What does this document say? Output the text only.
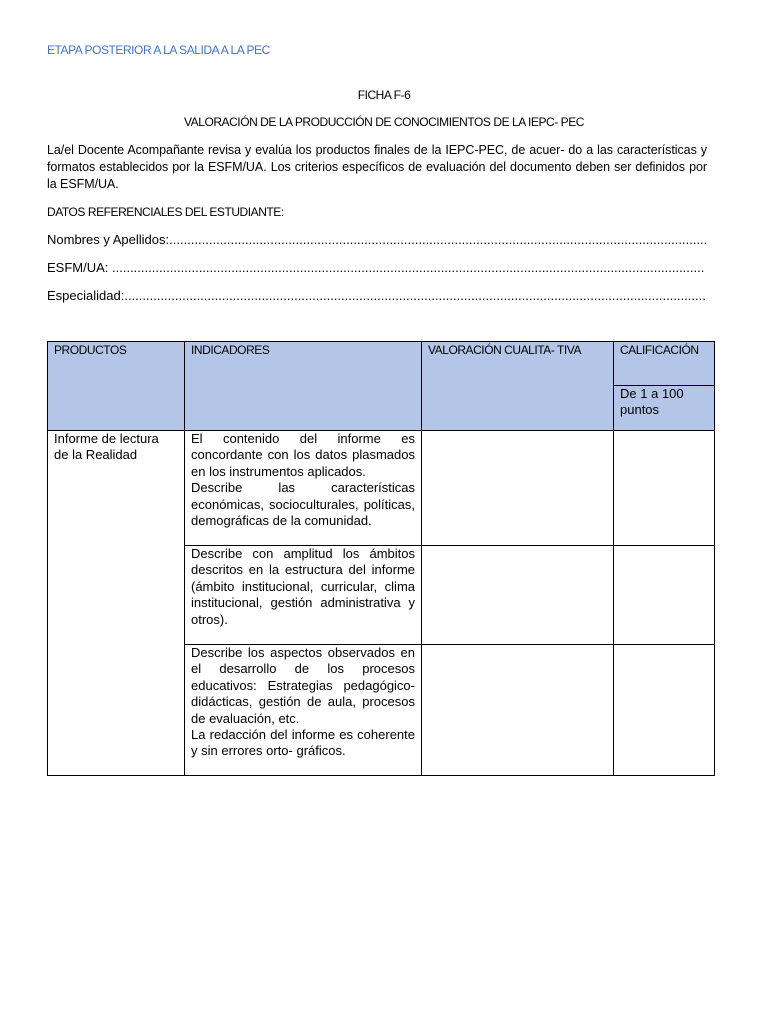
ETAPA POSTERIOR A LA SALIDA A LA PEC
FICHA F-6
VALORACIÓN DE LA PRODUCCIÓN DE CONOCIMIENTOS DE LA IEPC- PEC

La/el Docente Acompañante revisa y evalúa los productos finales de la IEPC-PEC, de acuer- do a las características y formatos establecidos por la ESFM/UA. Los criterios específicos de evaluación del documento deben ser definidos por la ESFM/UA.

DATOS REFERENCIALES DEL ESTUDIANTE:
Nombres y Apellidos:
.....
ESFM/UA:
.....
Especialidad:
.....
PRODUCTOS	INDICADORES	VALORACIÓN CUALITA- TIVA	CALIFICACIÓN
			De 1 a 100 puntos
Informe de lectura de la Realidad	El contenido del informe es concordante con los datos plasmados en los instrumentos aplicados.

Describe las características económicas, socioculturales, políticas, demográficas de la comunidad.		

	Describe con amplitud los ámbitos descritos en la estructura del informe (ámbito institucional, curricular, clima institucional, gestión administrativa y otros).		

	Describe los aspectos observados en el desarrollo de los procesos educativos: Estrategias pedagógico-didácticas, gestión de aula, procesos de evaluación, etc.

La redacción del informe es coherente y sin errores orto- gráficos.		
